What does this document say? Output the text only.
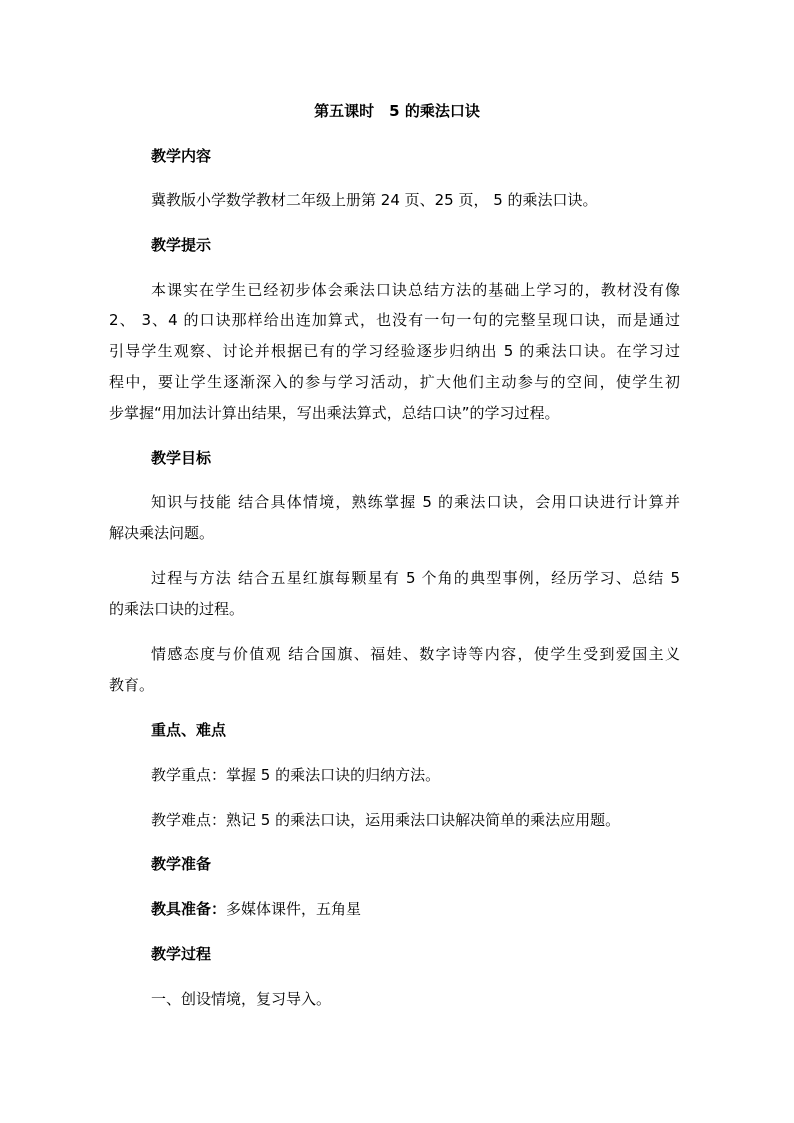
第五课时　5 的乘法口诀

教学内容

冀教版小学数学教材二年级上册第 24 页、25 页， 5 的乘法口诀。

教学提示

本课实在学生已经初步体会乘法口诀总结方法的基础上学习的，教材没有像

2、 3、4 的口诀那样给出连加算式，也没有一句一句的完整呈现口诀，而是通过

引导学生观察、讨论并根据已有的学习经验逐步归纳出 5 的乘法口诀。在学习过

程中，要让学生逐渐深入的参与学习活动，扩大他们主动参与的空间，使学生初

步掌握“用加法计算出结果，写出乘法算式，总结口诀”的学习过程。

教学目标

知识与技能 结合具体情境，熟练掌握 5 的乘法口诀，会用口诀进行计算并

解决乘法问题。

过程与方法 结合五星红旗每颗星有 5 个角的典型事例，经历学习、总结 5

的乘法口诀的过程。

情感态度与价值观 结合国旗、福娃、数字诗等内容，使学生受到爱国主义

教育。

重点、难点

教学重点：掌握 5 的乘法口诀的归纳方法。

教学难点：熟记 5 的乘法口诀，运用乘法口诀解决简单的乘法应用题。

教学准备

教具准备：多媒体课件，五角星

教学过程

一、创设情境，复习导入。
